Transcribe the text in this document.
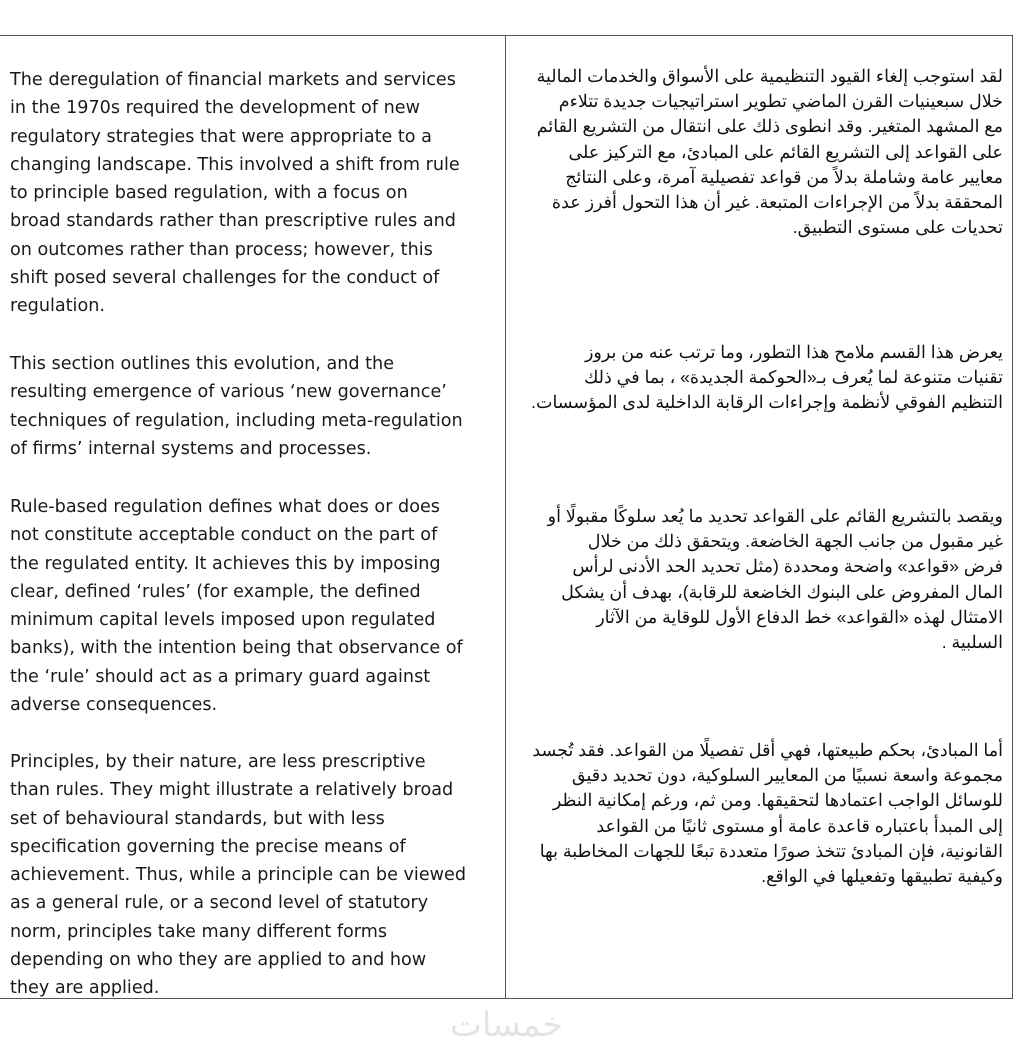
The deregulation of financial markets and services
in the 1970s required the development of new
regulatory strategies that were appropriate to a
changing landscape. This involved a shift from rule
to principle based regulation, with a focus on
broad standards rather than prescriptive rules and
on outcomes rather than process; however, this
shift posed several challenges for the conduct of
regulation.
This section outlines this evolution, and the
resulting emergence of various ‘new governance’
techniques of regulation, including meta-regulation
of firms’ internal systems and processes.
Rule-based regulation defines what does or does
not constitute acceptable conduct on the part of
the regulated entity. It achieves this by imposing
clear, defined ‘rules’ (for example, the defined
minimum capital levels imposed upon regulated
banks), with the intention being that observance of
the ‘rule’ should act as a primary guard against
adverse consequences.
Principles, by their nature, are less prescriptive
than rules. They might illustrate a relatively broad
set of behavioural standards, but with less
specification governing the precise means of
achievement. Thus, while a principle can be viewed
as a general rule, or a second level of statutory
norm, principles take many different forms
depending on who they are applied to and how
they are applied.
لقد استوجب إلغاء القيود التنظيمية على الأسواق والخدمات المالية
خلال سبعينيات القرن الماضي تطوير استراتيجيات جديدة تتلاءم
مع المشهد المتغير. وقد انطوى ذلك على انتقال من التشريع القائم
على القواعد إلى التشريع القائم على المبادئ، مع التركيز على
معايير عامة وشاملة بدلاً من قواعد تفصيلية آمرة، وعلى النتائج
المحققة بدلاً من الإجراءات المتبعة. غير أن هذا التحول أفرز عدة
تحديات على مستوى التطبيق.
يعرض هذا القسم ملامح هذا التطور، وما ترتب عنه من بروز
تقنيات متنوعة لما يُعرف بـ«الحوكمة الجديدة» ، بما في ذلك
التنظيم الفوقي لأنظمة وإجراءات الرقابة الداخلية لدى المؤسسات.
ويقصد بالتشريع القائم على القواعد تحديد ما يُعد سلوكًا مقبولًا أو
غير مقبول من جانب الجهة الخاضعة. ويتحقق ذلك من خلال
فرض «قواعد» واضحة ومحددة (مثل تحديد الحد الأدنى لرأس
المال المفروض على البنوك الخاضعة للرقابة)، بهدف أن يشكل
الامتثال لهذه «القواعد» خط الدفاع الأول للوقاية من الآثار
السلبية .
أما المبادئ، بحكم طبيعتها، فهي أقل تفصيلًا من القواعد. فقد تُجسد
مجموعة واسعة نسبيًا من المعايير السلوكية، دون تحديد دقيق
للوسائل الواجب اعتمادها لتحقيقها. ومن ثم، ورغم إمكانية النظر
إلى المبدأ باعتباره قاعدة عامة أو مستوى ثانيًا من القواعد
القانونية، فإن المبادئ تتخذ صورًا متعددة تبعًا للجهات المخاطبة بها
وكيفية تطبيقها وتفعيلها في الواقع.
خمسات
